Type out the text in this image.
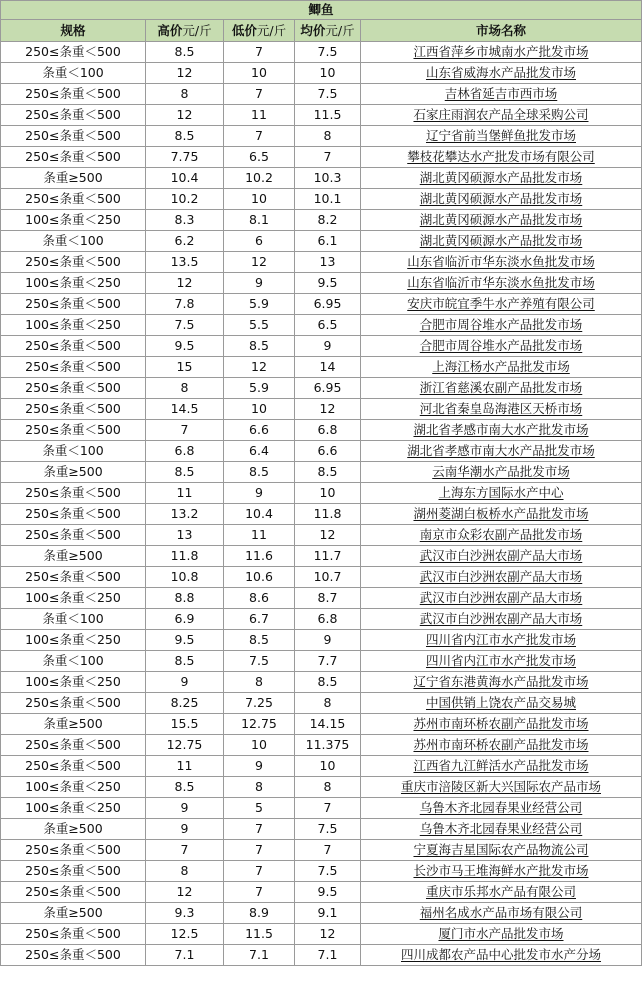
鲫鱼				
规格	高价元/斤	低价元/斤	均价元/斤	市场名称
250≤条重＜500	8.5	7	7.5	江西省萍乡市城南水产批发市场
条重＜100	12	10	10	山东省威海水产品批发市场
250≤条重＜500	8	7	7.5	吉林省延吉市西市场
250≤条重＜500	12	11	11.5	石家庄雨润农产品全球采购公司
250≤条重＜500	8.5	7	8	辽宁省前当堡鲜鱼批发市场
250≤条重＜500	7.75	6.5	7	攀枝花攀达水产批发市场有限公司
条重≥500	10.4	10.2	10.3	湖北黄冈硕源水产品批发市场
250≤条重＜500	10.2	10	10.1	湖北黄冈硕源水产品批发市场
100≤条重＜250	8.3	8.1	8.2	湖北黄冈硕源水产品批发市场
条重＜100	6.2	6	6.1	湖北黄冈硕源水产品批发市场
250≤条重＜500	13.5	12	13	山东省临沂市华东淡水鱼批发市场
100≤条重＜250	12	9	9.5	山东省临沂市华东淡水鱼批发市场
250≤条重＜500	7.8	5.9	6.95	安庆市皖宜季牛水产养殖有限公司
100≤条重＜250	7.5	5.5	6.5	合肥市周谷堆水产品批发市场
250≤条重＜500	9.5	8.5	9	合肥市周谷堆水产品批发市场
250≤条重＜500	15	12	14	上海江杨水产品批发市场
250≤条重＜500	8	5.9	6.95	浙江省慈溪农副产品批发市场
250≤条重＜500	14.5	10	12	河北省秦皇岛海港区天桥市场
250≤条重＜500	7	6.6	6.8	湖北省孝感市南大水产批发市场
条重＜100	6.8	6.4	6.6	湖北省孝感市南大水产品批发市场
条重≥500	8.5	8.5	8.5	云南华潮水产品批发市场
250≤条重＜500	11	9	10	上海东方国际水产中心
250≤条重＜500	13.2	10.4	11.8	湖州菱湖白板桥水产品批发市场
250≤条重＜500	13	11	12	南京市众彩农副产品批发市场
条重≥500	11.8	11.6	11.7	武汉市白沙洲农副产品大市场
250≤条重＜500	10.8	10.6	10.7	武汉市白沙洲农副产品大市场
100≤条重＜250	8.8	8.6	8.7	武汉市白沙洲农副产品大市场
条重＜100	6.9	6.7	6.8	武汉市白沙洲农副产品大市场
100≤条重＜250	9.5	8.5	9	四川省内江市水产批发市场
条重＜100	8.5	7.5	7.7	四川省内江市水产批发市场
100≤条重＜250	9	8	8.5	辽宁省东港黄海水产品批发市场
250≤条重＜500	8.25	7.25	8	中国供销上饶农产品交易城
条重≥500	15.5	12.75	14.15	苏州市南环桥农副产品批发市场
250≤条重＜500	12.75	10	11.375	苏州市南环桥农副产品批发市场
250≤条重＜500	11	9	10	江西省九江鲜活水产品批发市场
100≤条重＜250	8.5	8	8	重庆市涪陵区新大兴国际农产品市场
100≤条重＜250	9	5	7	乌鲁木齐北园春果业经营公司
条重≥500	9	7	7.5	乌鲁木齐北园春果业经营公司
250≤条重＜500	7	7	7	宁夏海吉星国际农产品物流公司
250≤条重＜500	8	7	7.5	长沙市马王堆海鲜水产批发市场
250≤条重＜500	12	7	9.5	重庆市乐邦水产品有限公司
条重≥500	9.3	8.9	9.1	福州名成水产品市场有限公司
250≤条重＜500	12.5	11.5	12	厦门市水产品批发市场
250≤条重＜500	7.1	7.1	7.1	四川成都农产品中心批发市水产分场
